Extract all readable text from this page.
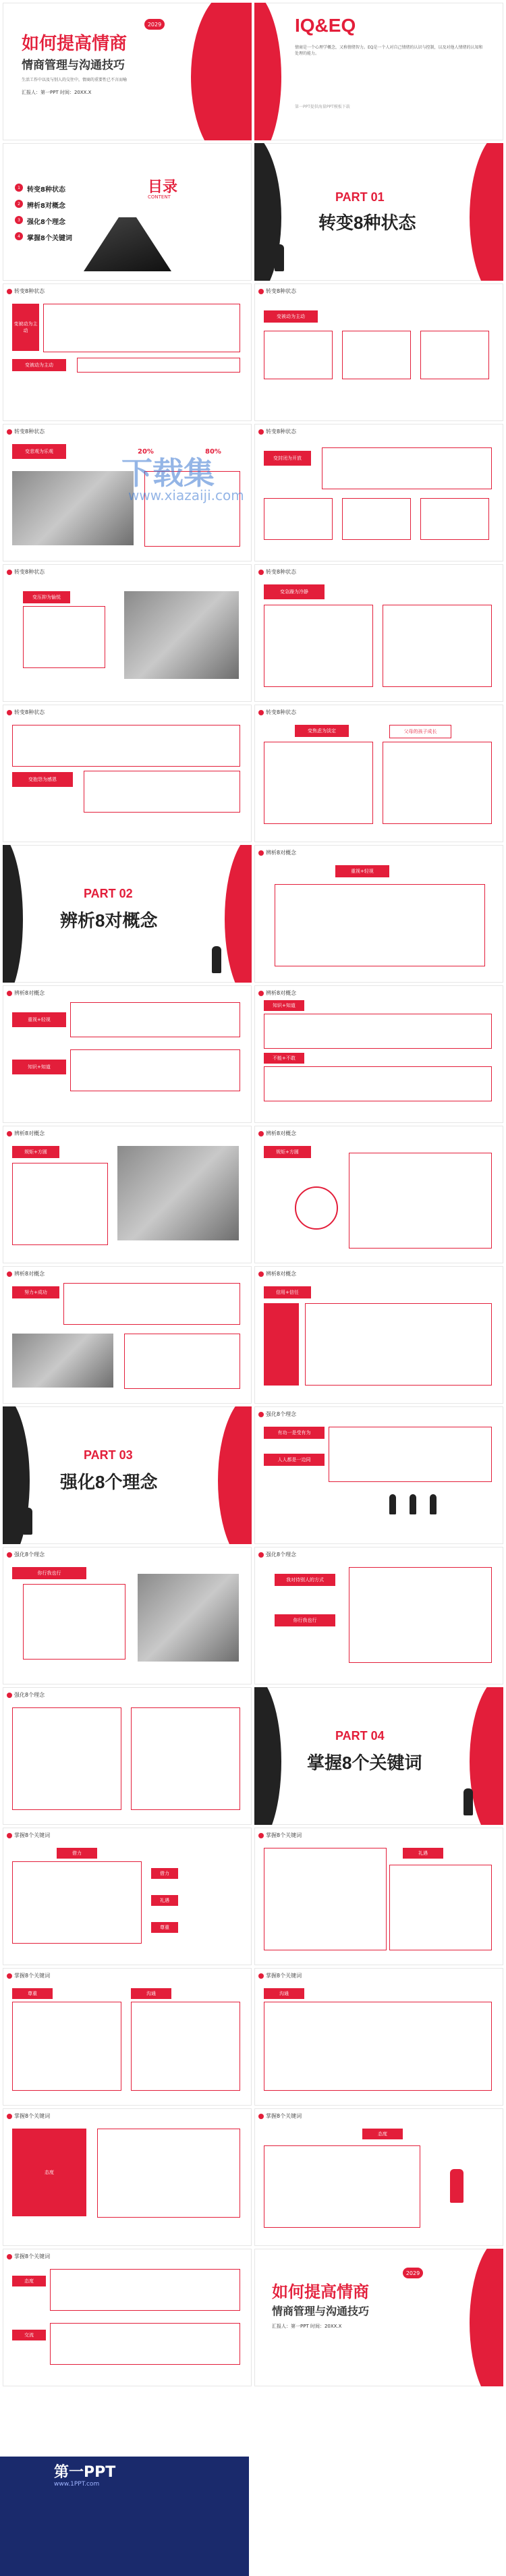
如何提高情商
情商管理与沟通技巧
2029
生活工作中以及与别人的交往中，情商的重要性已不言而喻
汇报人：第一PPT 时间：20XX.X
IQ&EQ
情商是一个心理学概念，又称情绪智力。EQ是一个人对自己情绪的认识与控制，以及对他人情绪的认知和处理的能力。
第一PPT提供海量PPT模板下载
目录
CONTENT
1	转变8种状态
2	辨析8对概念
3	强化8个理念
4	掌握8个关键词
PART 01
转变8种状态
转变8种状态
变被动为主动
变被动为主动
转变8种状态
变被动为主动
转变8种状态
变悲观为乐观	20%	80%
转变8种状态
变封闭为开放
下载集
www.xiazaiji.com
转变8种状态
变压抑为愉悦
转变8种状态
变急躁为冷静
转变8种状态
变抱怨为感恩
转变8种状态
变焦虑为淡定	父母的孩子成长
PART 02
辨析8对概念
辨析8对概念
重视+轻视
辨析8对概念
重视+轻视
知识+知道
辨析8对概念
知识+知道
不能+不敢
辨析8对概念
规矩+方圆
辨析8对概念
规矩+方圆
辨析8对概念
努力+成功
辨析8对概念
信用+信任
PART 03
强化8个理念
强化8个理念
有功一是受有为
人人都是一边同
强化8个理念
你行我也行
强化8个理念
我对待别人的方式
你行我也行
强化8个理念
PART 04
掌握8个关键词
掌握8个关键词
借力
借力
礼遇
尊重
掌握8个关键词
礼遇
掌握8个关键词
尊重	沟通
掌握8个关键词
沟通
掌握8个关键词
态度
掌握8个关键词
态度
掌握8个关键词
态度
交流
如何提高情商
2029
情商管理与沟通技巧
汇报人：第一PPT 时间：20XX.X
第一PPT
www.1PPT.com
